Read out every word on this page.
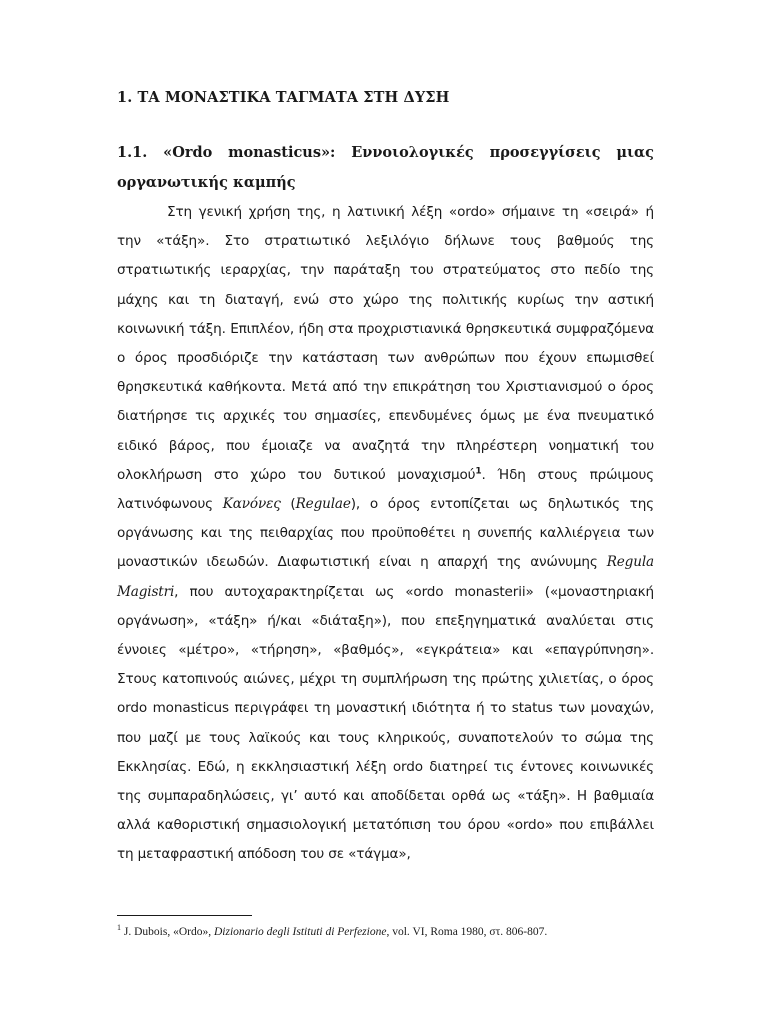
1. ΤΑ ΜΟΝΑΣΤΙΚΑ ΤΑΓΜΑΤΑ ΣΤΗ ΔΥΣΗ
1.1. «Ordo monasticus»: Εννοιολογικές προσεγγίσεις μιας οργανωτικής καμπής

Στη γενική χρήση της, η λατινική λέξη «ordo» σήμαινε τη «σειρά» ή την «τάξη». Στο στρατιωτικό λεξιλόγιο δήλωνε τους βαθμούς της στρατιωτικής ιεραρχίας, την παράταξη του στρατεύματος στο πεδίο της μάχης και τη διαταγή, ενώ στο χώρο της πολιτικής κυρίως την αστική κοινωνική τάξη. Επιπλέον, ήδη στα προχριστιανικά θρησκευτικά συμφραζόμενα ο όρος προσδιόριζε την κατάσταση των ανθρώπων που έχουν επωμισθεί θρησκευτικά καθήκοντα. Μετά από την επικράτηση του Χριστιανισμού ο όρος διατήρησε τις αρχικές του σημασίες, επενδυμένες όμως με ένα πνευματικό ειδικό βάρος, που έμοιαζε να αναζητά την πληρέστερη νοηματική του ολοκλήρωση στο χώρο του δυτικού μοναχισμού$^1$. Ήδη στους πρώιμους λατινόφωνους Κανόνες (Regulae), ο όρος εντοπίζεται ως δηλωτικός της οργάνωσης και της πειθαρχίας που προϋποθέτει η συνεπής καλλιέργεια των μοναστικών ιδεωδών. Διαφωτιστική είναι η απαρχή της ανώνυμης Regula Magistri, που αυτοχαρακτηρίζεται ως «ordo monasterii» («μοναστηριακή οργάνωση», «τάξη» ή/και «διάταξη»), που επεξηγηματικά αναλύεται στις έννοιες «μέτρο», «τήρηση», «βαθμός», «εγκράτεια» και «επαγρύπνηση». Στους κατοπινούς αιώνες, μέχρι τη συμπλήρωση της πρώτης χιλιετίας, ο όρος ordo monasticus περιγράφει τη μοναστική ιδιότητα ή το status των μοναχών, που μαζί με τους λαϊκούς και τους κληρικούς, συναποτελούν το σώμα της Εκκλησίας. Εδώ, η εκκλησιαστική λέξη ordo διατηρεί τις έντονες κοινωνικές της συμπαραδηλώσεις, γι’ αυτό και αποδίδεται ορθά ως «τάξη». Η βαθμιαία αλλά καθοριστική σημασιολογική μετατόπιση του όρου «ordo» που επιβάλλει τη μεταφραστική απόδοση του σε «τάγμα»,

$^1$ J. Dubois, «Ordo», Dizionario degli Istituti di Perfezione, vol. VI, Roma 1980, στ. 806-807.
